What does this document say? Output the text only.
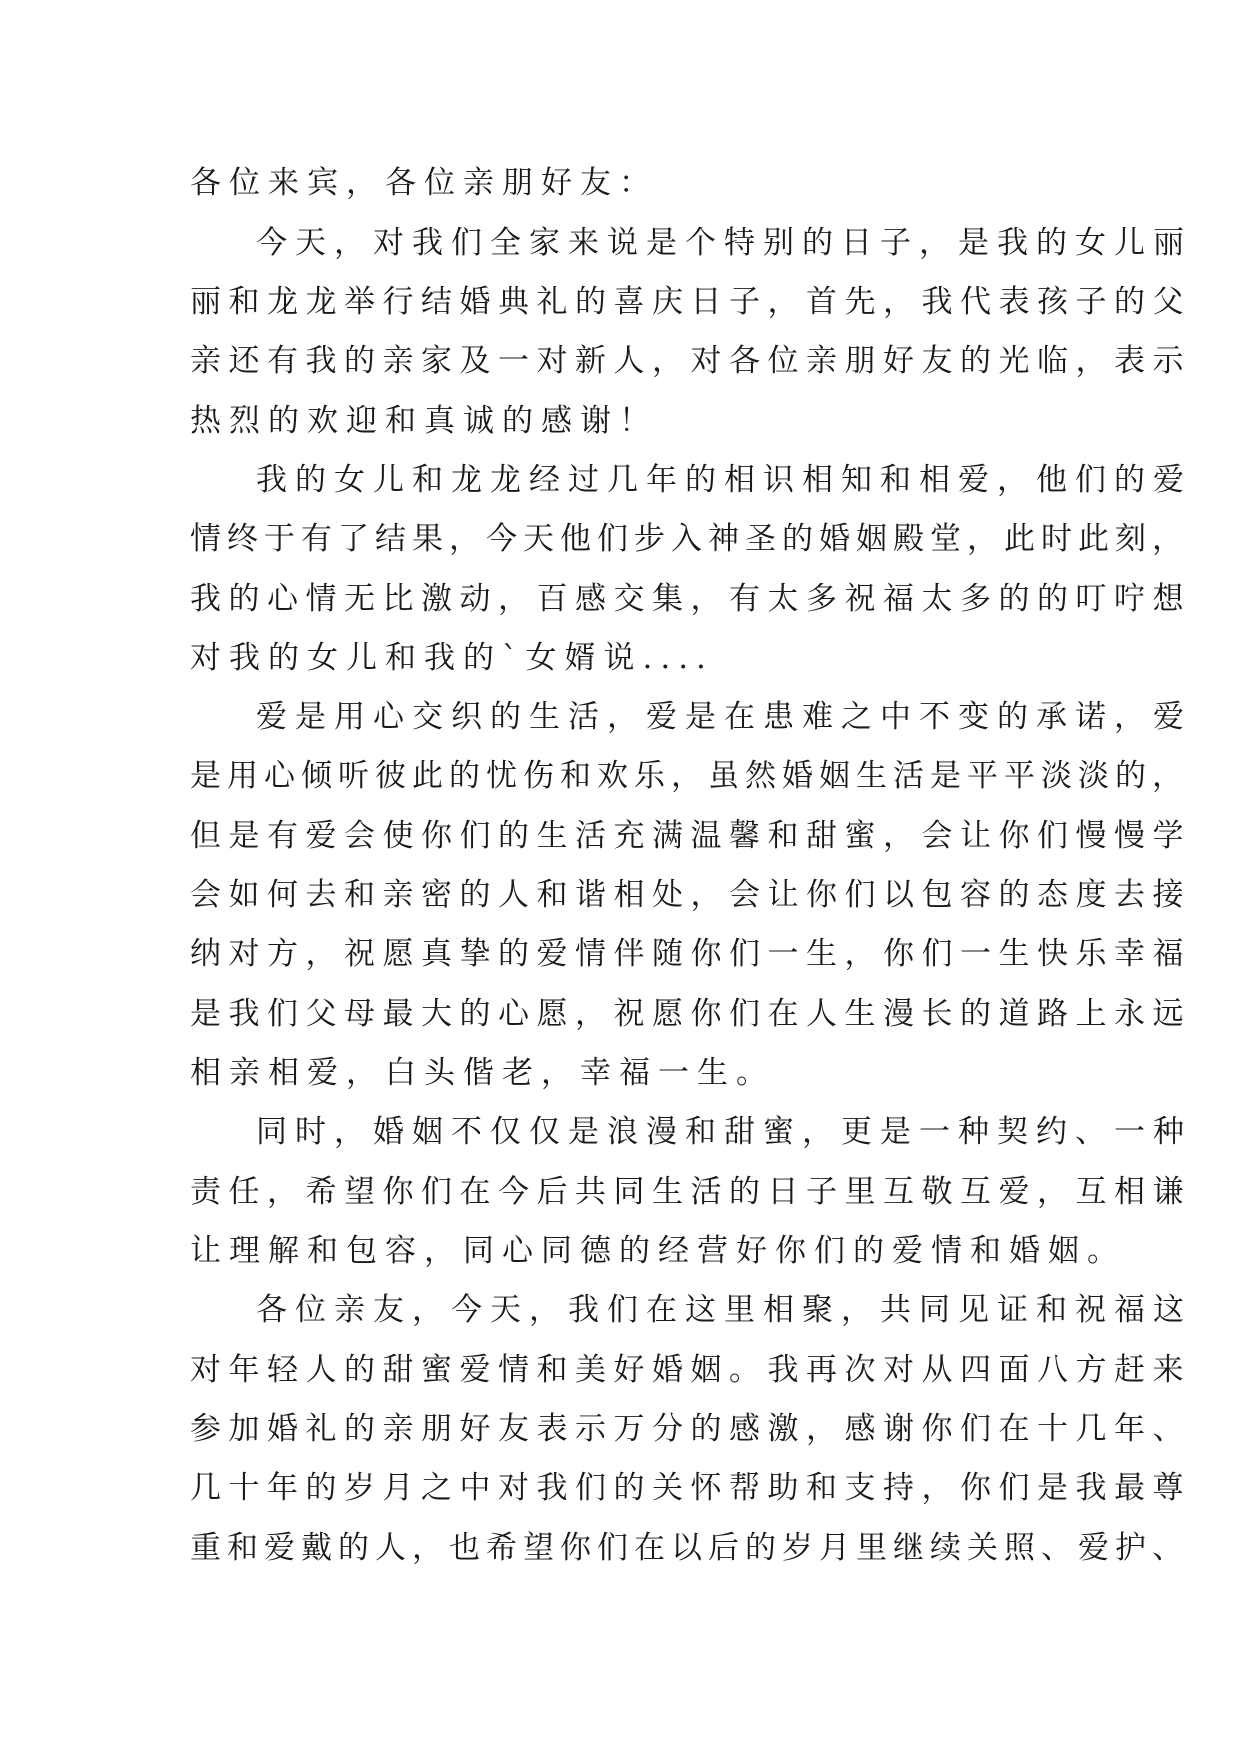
各位来宾，各位亲朋好友：

今天，对我们全家来说是个特别的日子，是我的女儿丽

丽和龙龙举行结婚典礼的喜庆日子，首先，我代表孩子的父

亲还有我的亲家及一对新人，对各位亲朋好友的光临，表示

热烈的欢迎和真诚的感谢！

我的女儿和龙龙经过几年的相识相知和相爱，他们的爱

情终于有了结果，今天他们步入神圣的婚姻殿堂，此时此刻，

我的心情无比激动，百感交集，有太多祝福太多的的叮咛想

对我的女儿和我的`女婿说....

爱是用心交织的生活，爱是在患难之中不变的承诺，爱

是用心倾听彼此的忧伤和欢乐，虽然婚姻生活是平平淡淡的，

但是有爱会使你们的生活充满温馨和甜蜜，会让你们慢慢学

会如何去和亲密的人和谐相处，会让你们以包容的态度去接

纳对方，祝愿真挚的爱情伴随你们一生，你们一生快乐幸福

是我们父母最大的心愿，祝愿你们在人生漫长的道路上永远

相亲相爱，白头偕老，幸福一生。

同时，婚姻不仅仅是浪漫和甜蜜，更是一种契约、一种

责任，希望你们在今后共同生活的日子里互敬互爱，互相谦

让理解和包容，同心同德的经营好你们的爱情和婚姻。

各位亲友，今天，我们在这里相聚，共同见证和祝福这

对年轻人的甜蜜爱情和美好婚姻。我再次对从四面八方赶来

参加婚礼的亲朋好友表示万分的感激，感谢你们在十几年、

几十年的岁月之中对我们的关怀帮助和支持，你们是我最尊

重和爱戴的人，也希望你们在以后的岁月里继续关照、爱护、
